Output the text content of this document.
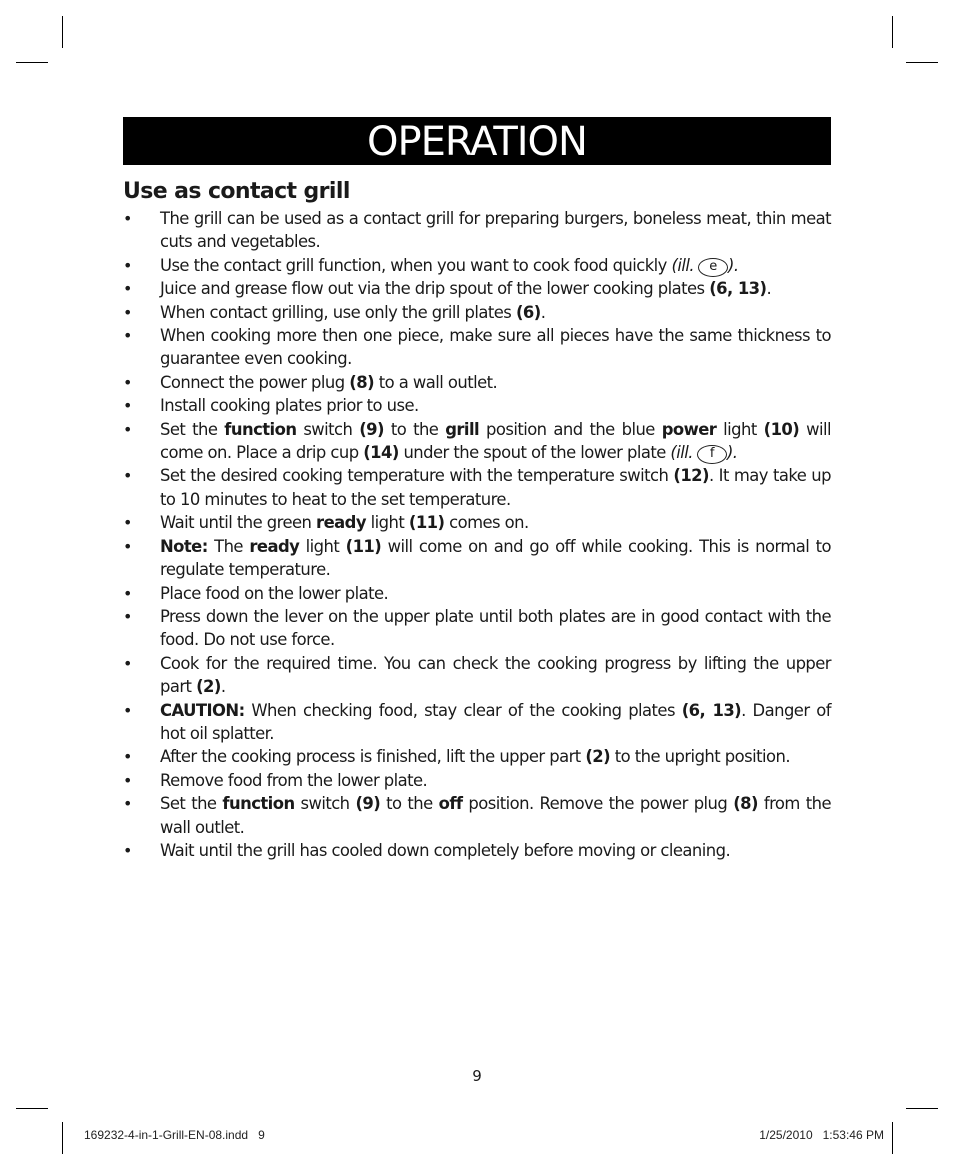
OPERATION
Use as contact grill
• The grill can be used as a contact grill for preparing burgers, boneless meat, thin meat cuts and vegetables.
• Use the contact grill function, when you want to cook food quickly (ill. e ).
• Juice and grease flow out via the drip spout of the lower cooking plates (6, 13).
• When contact grilling, use only the grill plates (6).
• When cooking more then one piece, make sure all pieces have the same thickness to guarantee even cooking.
• Connect the power plug (8) to a wall outlet.
• Install cooking plates prior to use.
• Set the function switch (9) to the grill position and the blue power light (10) will come on. Place a drip cup (14) under the spout of the lower plate (ill. f ).
• Set the desired cooking temperature with the temperature switch (12). It may take up to 10 minutes to heat to the set temperature.
• Wait until the green ready light (11) comes on.
• Note: The ready light (11) will come on and go off while cooking. This is normal to regulate temperature.
• Place food on the lower plate.
• Press down the lever on the upper plate until both plates are in good contact with the food. Do not use force.
• Cook for the required time. You can check the cooking progress by lifting the upper part (2).
• CAUTION: When checking food, stay clear of the cooking plates (6, 13). Danger of hot oil splatter.
• After the cooking process is finished, lift the upper part (2) to the upright position.
• Remove food from the lower plate.
• Set the function switch (9) to the off position. Remove the power plug (8) from the wall outlet.
• Wait until the grill has cooled down completely before moving or cleaning.
9
169232-4-in-1-Grill-EN-08.indd   9	1/25/2010   1:53:46 PM
